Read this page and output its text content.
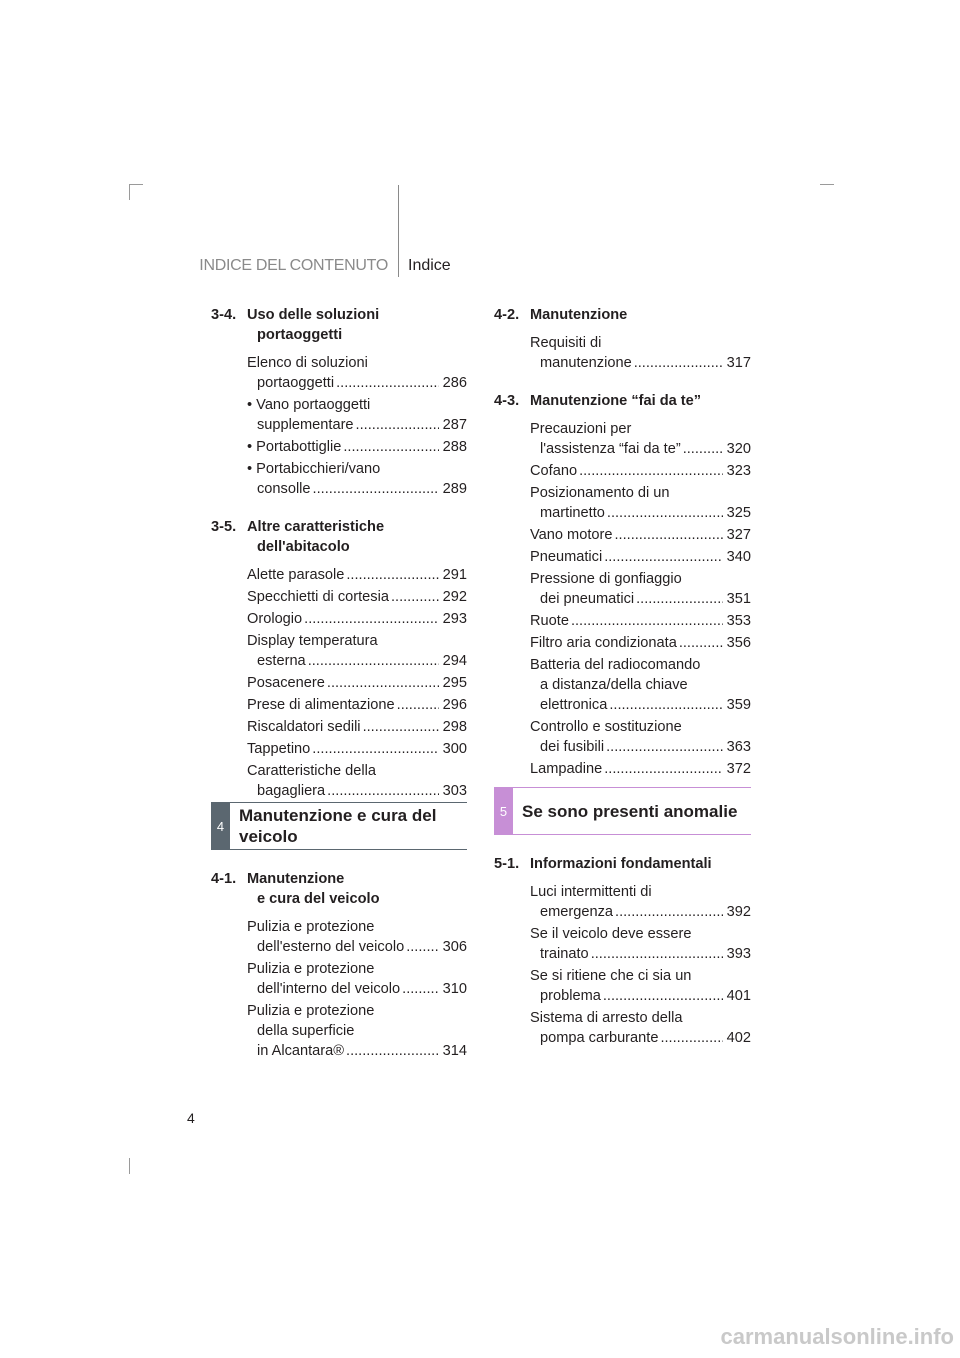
INDICE DEL CONTENUTO Indice
3-4. Uso delle soluzioni
portaoggetti
Elenco di soluzioni
portaoggetti .....	286
• Vano portaoggetti
supplementare .....	287
• Portabottiglie .....	288
• Portabicchieri/vano
consolle .....	289
3-5. Altre caratteristiche
dell'abitacolo
Alette parasole .....	291
Specchietti di cortesia .....	292
Orologio .....	293
Display temperatura
esterna .....	294
Posacenere .....	295
Prese di alimentazione .....	296
Riscaldatori sedili .....	298
Tappetino .....	300
Caratteristiche della
bagagliera .....	303
4
Manutenzione e cura del veicolo
4-1. Manutenzione
e cura del veicolo
Pulizia e protezione
dell'esterno del veicolo .....	306
Pulizia e protezione
dell'interno del veicolo .....	310
Pulizia e protezione
della superficie
in Alcantara® .....	314
4-2. Manutenzione
Requisiti di
manutenzione .....	317
4-3. Manutenzione “fai da te”
Precauzioni per
l'assistenza “fai da te” .....	320
Cofano .....	323
Posizionamento di un
martinetto .....	325
Vano motore .....	327
Pneumatici .....	340
Pressione di gonfiaggio
dei pneumatici .....	351
Ruote .....	353
Filtro aria condizionata .....	356
Batteria del radiocomando
a distanza/della chiave
elettronica .....	359
Controllo e sostituzione
dei fusibili .....	363
Lampadine .....	372
5 Se sono presenti anomalie
5-1. Informazioni fondamentali
Luci intermittenti di
emergenza .....	392
Se il veicolo deve essere
trainato .....	393
Se si ritiene che ci sia un
problema .....	401
Sistema di arresto della
pompa carburante .....	402
4
carmanualsonline.info
